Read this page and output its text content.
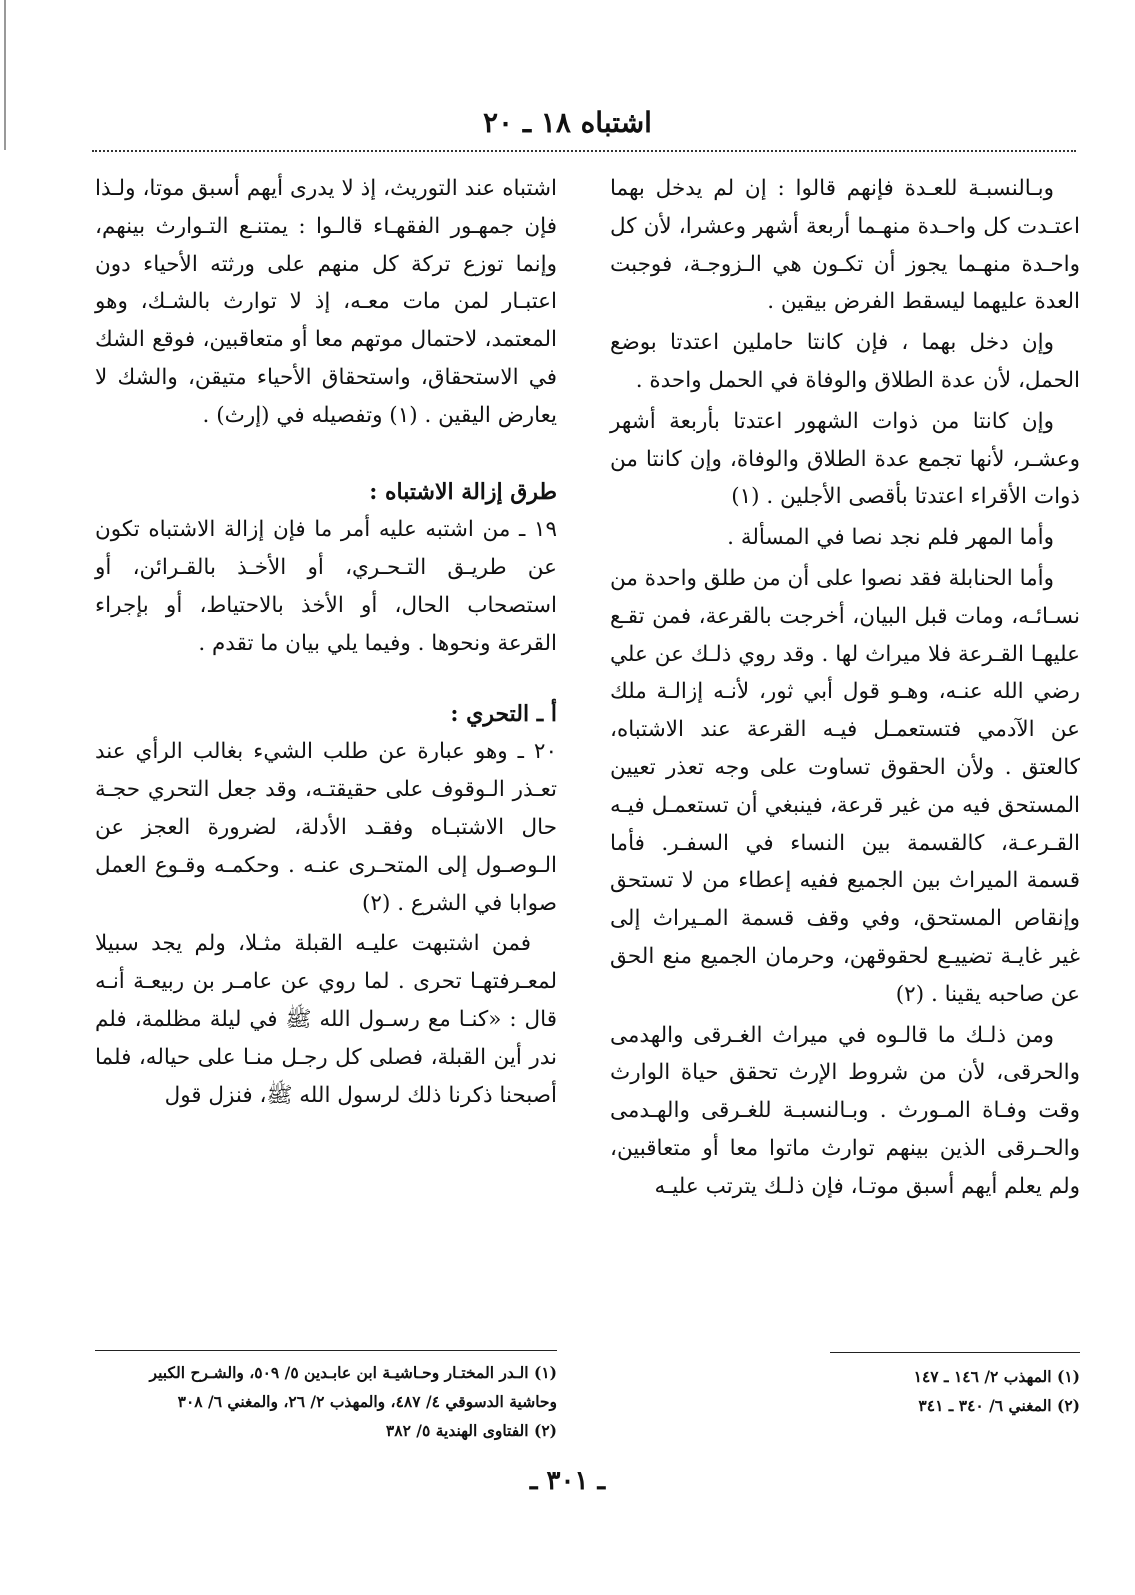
اشتباه ١٨ ـ ٢٠

وبـالنسبـة للعـدة فإنهم قالوا : إن لم يدخل بهما اعتـدت كل واحـدة منهـما أربعة أشهر وعشرا، لأن كل واحـدة منهـما يجوز أن تكـون هي الـزوجـة، فوجبت العدة عليهما ليسقط الفرض بيقين .

وإن دخل بهما ، فإن كانتا حاملين اعتدتا بوضع الحمل، لأن عدة الطلاق والوفاة في الحمل واحدة .

وإن كانتا من ذوات الشهور اعتدتا بأربعة أشهر وعشـر، لأنها تجمع عدة الطلاق والوفاة، وإن كانتا من ذوات الأقراء اعتدتا بأقصى الأجلين . (١)

وأما المهر فلم نجد نصا في المسألة .

وأما الحنابلة فقد نصوا على أن من طلق واحدة من نسـائـه، ومات قبل البيان، أخرجت بالقرعة، فمن تقـع عليهـا القـرعة فلا ميراث لها . وقد روي ذلـك عن علي رضي الله عنـه، وهـو قول أبي ثور، لأنـه إزالـة ملك عن الآدمي فتستعمـل فيـه القرعة عند الاشتباه، كالعتق . ولأن الحقوق تساوت على وجه تعذر تعيين المستحق فيه من غير قرعة، فينبغي أن تستعمـل فيـه القـرعـة، كالقسمة بين النساء في السفـر. فأما قسمة الميراث بين الجميع ففيه إعطاء من لا تستحق وإنقاص المستحق، وفي وقف قسمة المـيراث إلى غير غايـة تضييـع لحقوقهن، وحرمان الجميع منع الحق عن صاحبه يقينا . (٢)

ومن ذلـك ما قالـوه في ميراث الغـرقى والهدمى والحرقى، لأن من شروط الإرث تحقق حياة الوارث وقت وفـاة المـورث . وبـالنسبـة للغـرقى والهـدمى والحـرقى الذين بينهم توارث ماتوا معا أو متعاقبين، ولم يعلم أيهم أسبق موتـا، فإن ذلـك يترتب عليـه

اشتباه عند التوريث، إذ لا يدرى أيهم أسبق موتا، ولـذا فإن جمهـور الفقهـاء قالـوا : يمتنـع التـوارث بينهم، وإنما توزع تركة كل منهم على ورثته الأحياء دون اعتبـار لمن مات معـه، إذ لا توارث بالشـك، وهو المعتمد، لاحتمال موتهم معا أو متعاقبين، فوقع الشك في الاستحقاق، واستحقاق الأحياء متيقن، والشك لا يعارض اليقين . (١) وتفصيله في (إرث) .

طرق إزالة الاشتباه :

١٩ ـ من اشتبه عليه أمر ما فإن إزالة الاشتباه تكون عن طريـق التـحـري، أو الأخـذ بالقـرائن، أو استصحاب الحال، أو الأخذ بالاحتياط، أو بإجراء القرعة ونحوها . وفيما يلي بيان ما تقدم .

أ ـ التحري :

٢٠ ـ وهو عبارة عن طلب الشيء بغالب الرأي عند تعـذر الـوقوف على حقيقتـه، وقد جعل التحري حجـة حال الاشتبـاه وفقـد الأدلة، لضرورة العجز عن الـوصـول إلى المتحـرى عنـه . وحكمـه وقـوع العمل صوابا في الشرع . (٢)

فمن اشتبهت عليـه القبلة مثـلا، ولم يجد سبيلا لمعـرفتهـا تحرى . لما روي عن عامـر بن ربيعـة أنـه قال : «كنـا مع رسـول الله ﷺ في ليلة مظلمة، فلم ندر أين القبلة، فصلى كل رجـل منـا على حياله، فلما أصبحنا ذكرنا ذلك لرسول الله ﷺ، فنزل قول

(١) المهذب ٢/ ١٤٦ ـ ١٤٧
(٢) المغني ٦/ ٣٤٠ ـ ٣٤١
(١) الـدر المختـار وحـاشيـة ابن عابـدين ٥/ ٥٠٩، والشـرح الكبير
وحاشية الدسوقي ٤/ ٤٨٧، والمهذب ٢/ ٢٦، والمغني ٦/ ٣٠٨
(٢) الفتاوى الهندية ٥/ ٣٨٢
ـ ٣٠١ ـ
